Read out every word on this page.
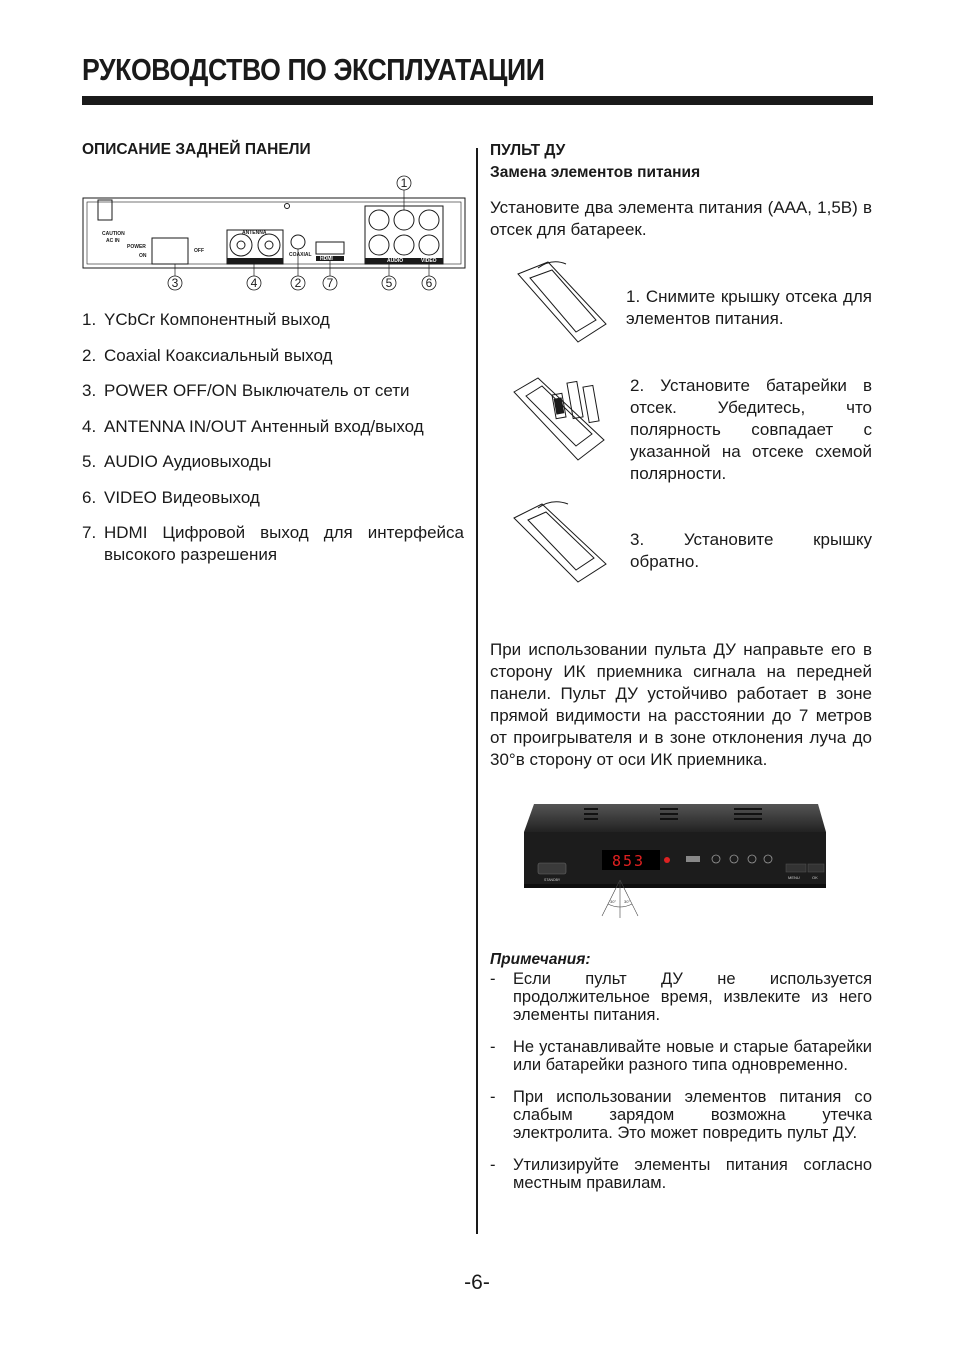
РУКОВОДСТВО ПО ЭКСПЛУАТАЦИИ
ОПИСАНИЕ ЗАДНЕЙ ПАНЕЛИ
CAUTION
AC IN
POWER
ON
OFF
ANTENNA
COAXIAL
AUDIO	VIDEO
HDMI
1
3	4	2 7	5	6
1. YCbCr Компонентный выход
2. Coaxial Коаксиальный выход
3. POWER OFF/ON Выключатель от сети
4. ANTENNA IN/OUT Антенный вход/выход
5. AUDIO Аудиовыходы
6. VIDEO Видеовыход
7. HDMI Цифровой выход для интерфейса высокого разрешения
ПУЛЬТ ДУ
Замена элементов питания

Установите два элемента питания (ААА, 1,5В) в отсек для батареек.

1. Снимите крышку отсека для элементов питания.

2. Установите батарейки в отсек. Убедитесь, что полярность совпадает с указанной на отсеке схемой полярности.

3. Установите крышку обратно.

При использовании пульта ДУ направьте его в сторону ИК приемника сигнала на передней панели. Пульт ДУ устойчиво работает в зоне прямой видимости на расстоянии до 7 метров от проигрывателя и в зоне отклонения луча до 30°в сторону от оси ИК приемника.

STANDBY
853
MENU	OK
30° 30°
Примечания:
- Если пульт ДУ не используется продолжительное время, извлеките из него элементы питания.
- Не устанавливайте новые и старые батарейки или батарейки разного типа одновременно.
- При использовании элементов питания со слабым зарядом возможна утечка электролита. Это может повредить пульт ДУ.
- Утилизируйте элементы питания согласно местным правилам.
-6-
